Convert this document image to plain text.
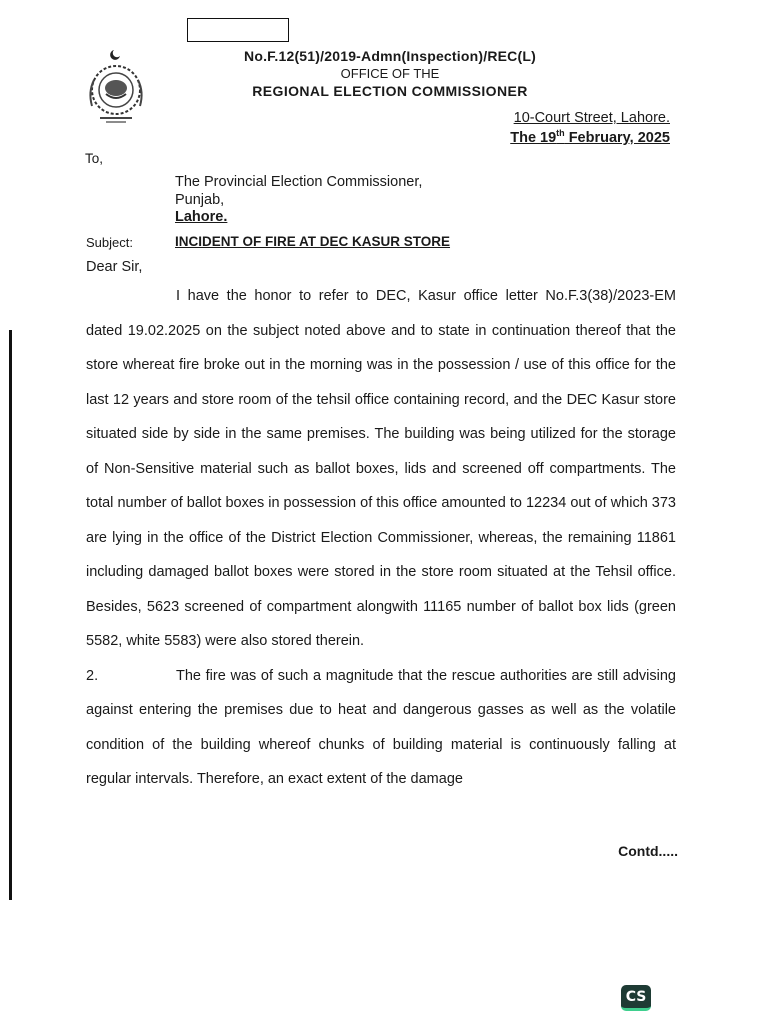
No.F.12(51)/2019-Admn(Inspection)/REC(L)
OFFICE OF THE
REGIONAL ELECTION COMMISSIONER
10-Court Street, Lahore.
The 19th February, 2025
To,
The Provincial Election Commissioner,
Punjab,
Lahore.
Subject:	INCIDENT OF FIRE AT DEC KASUR STORE
Dear Sir,

I have the honor to refer to DEC, Kasur office letter No.F.3(38)/2023-EM dated 19.02.2025 on the subject noted above and to state in continuation thereof that the store whereat fire broke out in the morning was in the possession / use of this office for the last 12 years and store room of the tehsil office containing record, and the DEC Kasur store situated side by side in the same premises. The building was being utilized for the storage of Non-Sensitive material such as ballot boxes, lids and screened off compartments. The total number of ballot boxes in possession of this office amounted to 12234 out of which 373 are lying in the office of the District Election Commissioner, whereas, the remaining 11861 including damaged ballot boxes were stored in the store room situated at the Tehsil office. Besides, 5623 screened of compartment alongwith 11165 number of ballot box lids (green 5582, white 5583) were also stored therein.

2.	The fire was of such a magnitude that the rescue authorities are still advising against entering the premises due to heat and dangerous gasses as well as the volatile condition of the building whereof chunks of building material is continuously falling at regular intervals. Therefore, an exact extent of the damage

Contd.....
CS
